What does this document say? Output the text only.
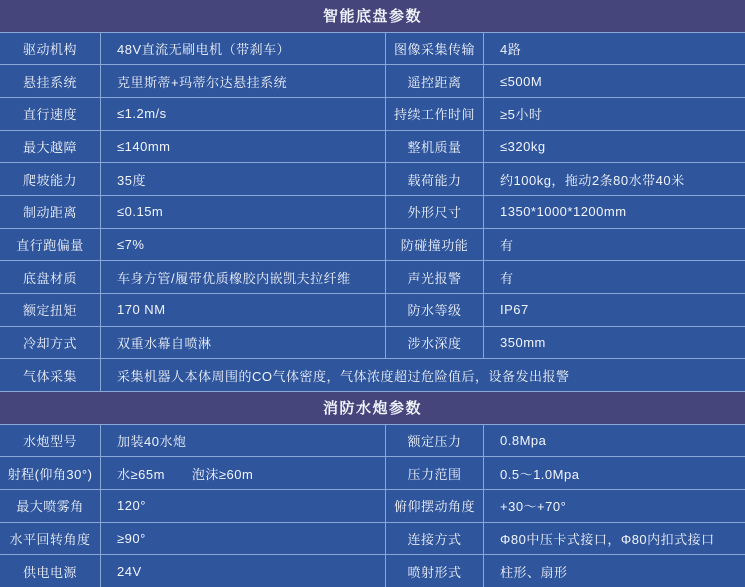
智能底盘参数
驱动机构	48V直流无刷电机（带刹车）	图像采集传输	4路
悬挂系统	克里斯蒂+玛蒂尔达悬挂系统	遥控距离	≤500M
直行速度	≤1.2m/s	持续工作时间	≥5小时
最大越障	≤140mm	整机质量	≤320kg
爬坡能力	35度	载荷能力	约100kg，拖动2条80水带40米
制动距离	≤0.15m	外形尺寸	1350*1000*1200mm
直行跑偏量	≤7%	防碰撞功能	有
底盘材质	车身方管/履带优质橡胶内嵌凯夫拉纤维	声光报警	有
额定扭矩	170 NM	防水等级	IP67
冷却方式	双重水幕自喷淋	涉水深度	350mm
气体采集	采集机器人本体周围的CO气体密度，气体浓度超过危险值后，设备发出报警
消防水炮参数
水炮型号	加装40水炮	额定压力	0.8Mpa
射程(仰角30°)	水≥65m　　泡沫≥60m	压力范围	0.5～1.0Mpa
最大喷雾角	120°	俯仰摆动角度	+30～+70°
水平回转角度	≥90°	连接方式	Φ80中压卡式接口，Φ80内扣式接口
供电电源	24V	喷射形式	柱形、扇形
